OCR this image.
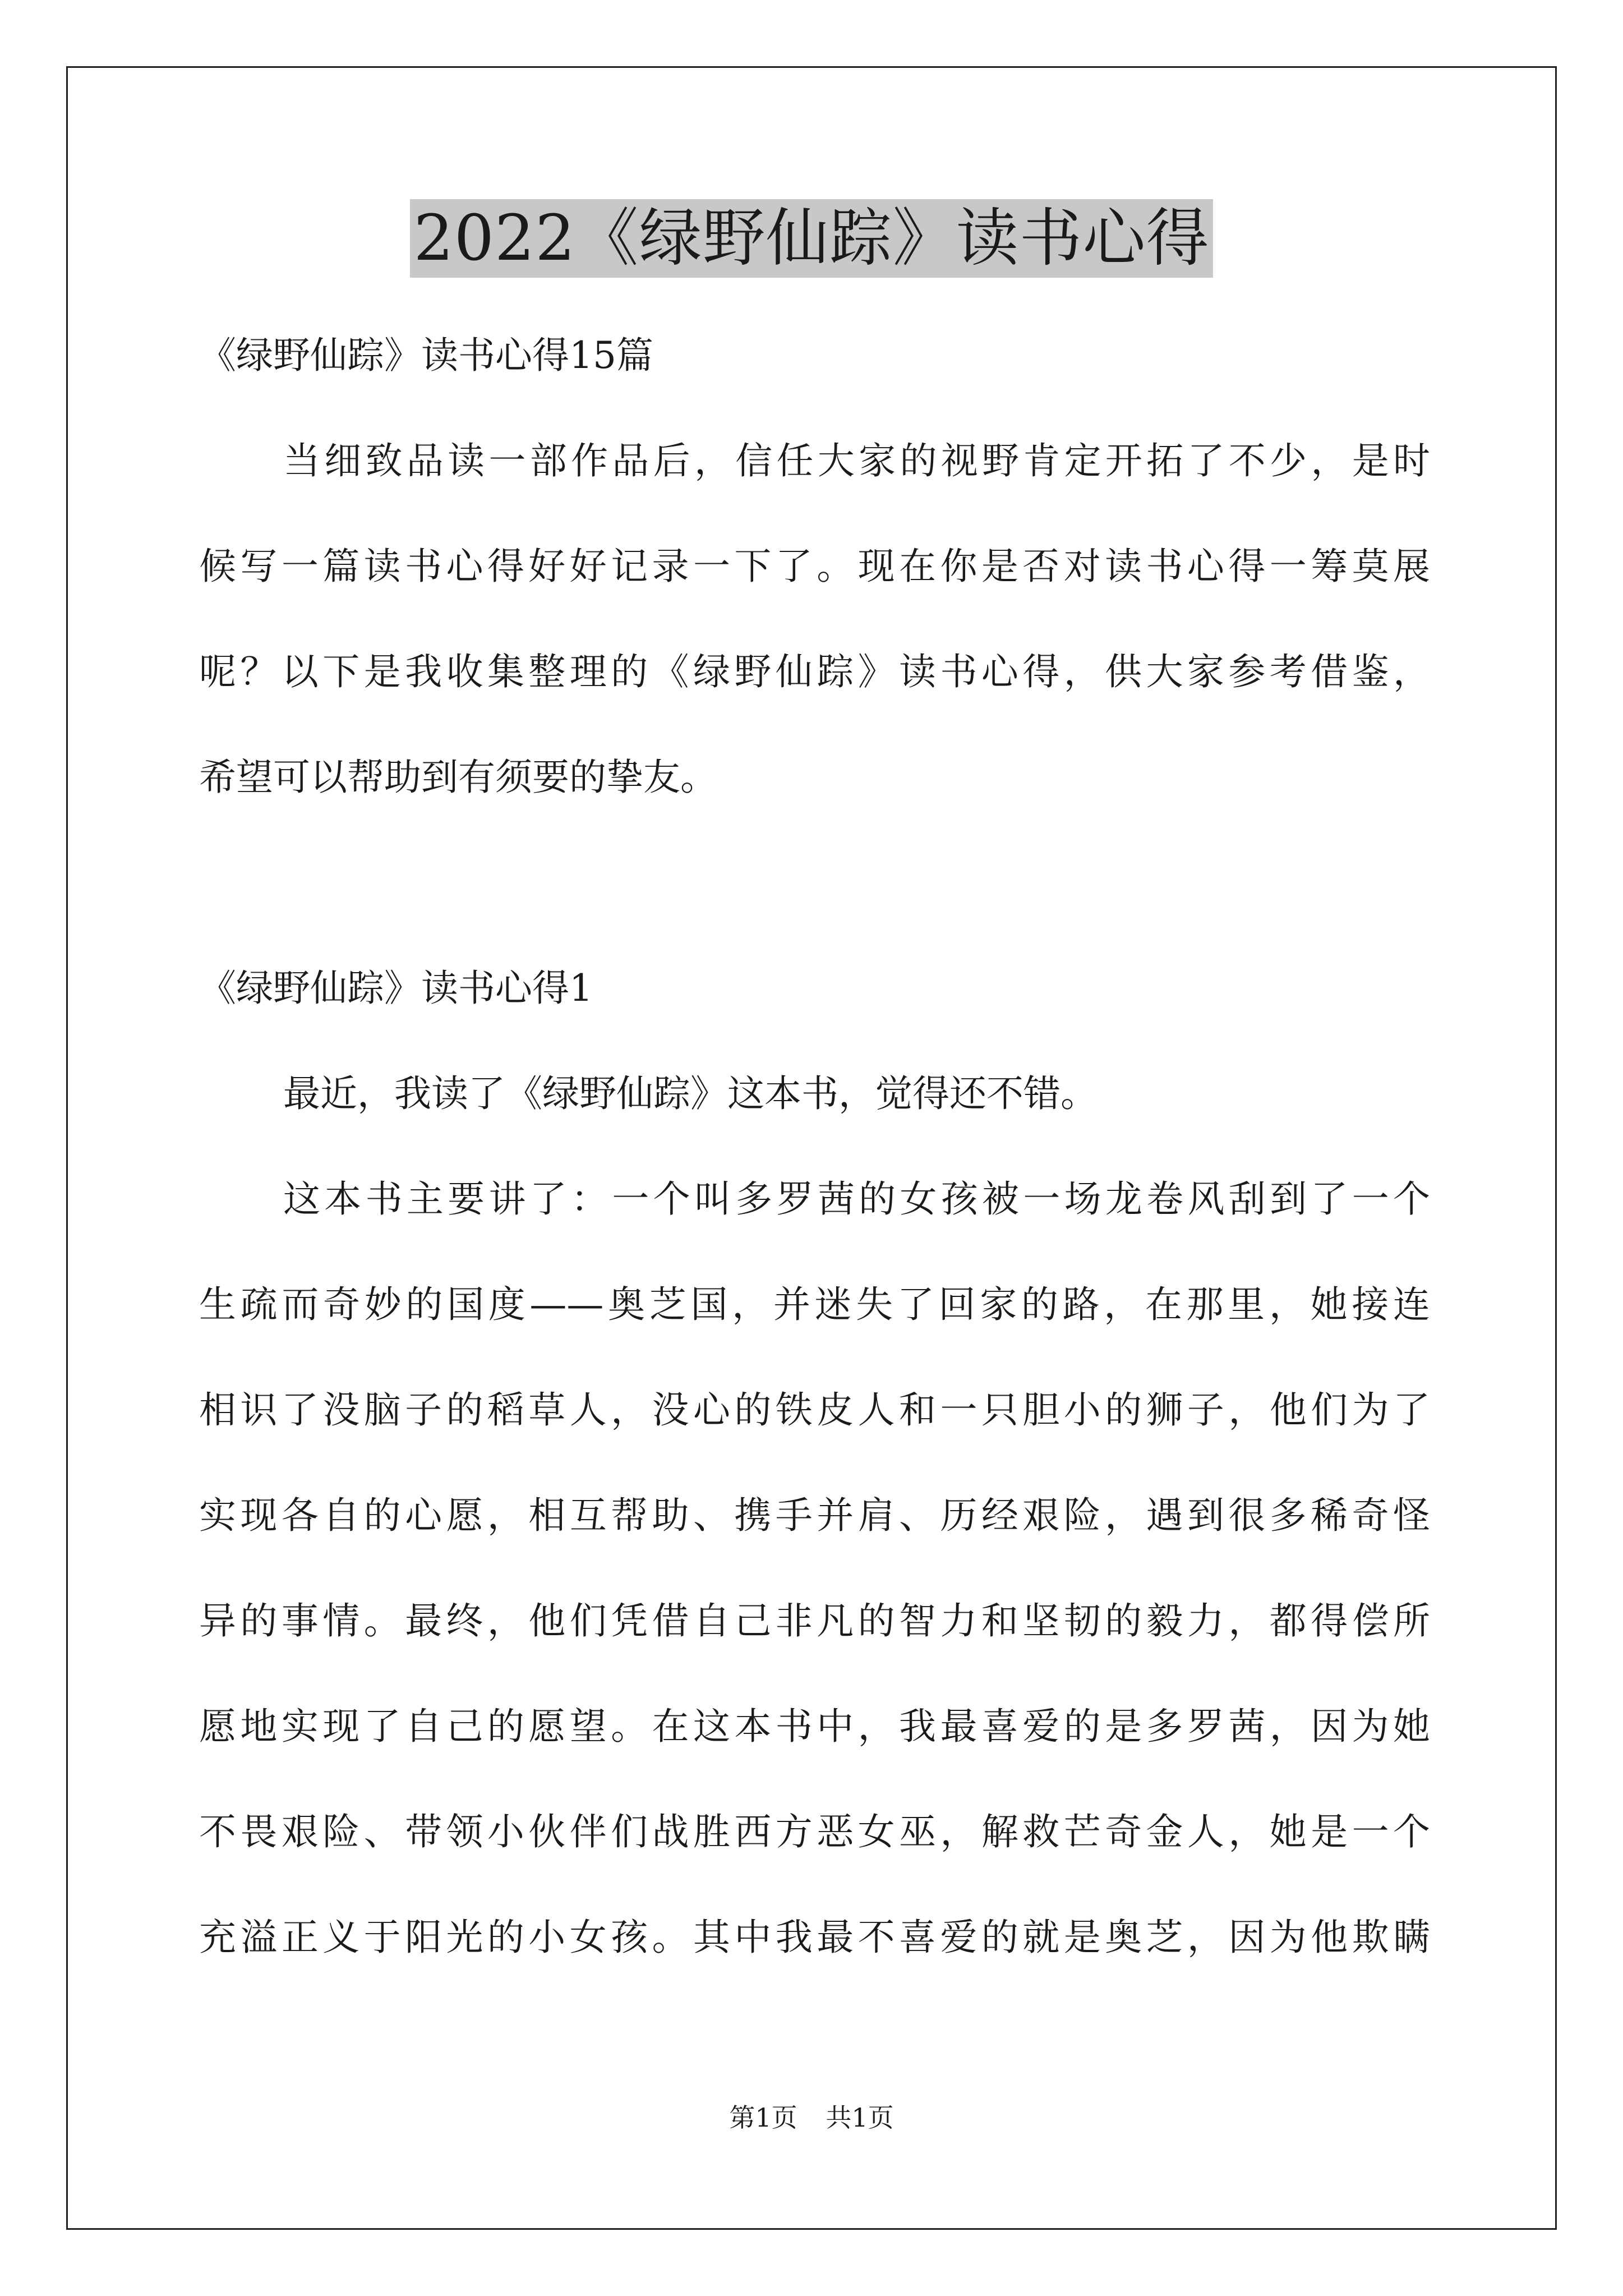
2022《绿野仙踪》读书心得
《绿野仙踪》读书心得15篇
当细致品读一部作品后，信任大家的视野肯定开拓了不少，是时
候写一篇读书心得好好记录一下了。现在你是否对读书心得一筹莫展
呢？以下是我收集整理的《绿野仙踪》读书心得，供大家参考借鉴，
希望可以帮助到有须要的挚友。
《绿野仙踪》读书心得1
最近，我读了《绿野仙踪》这本书，觉得还不错。
这本书主要讲了：一个叫多罗茜的女孩被一场龙卷风刮到了一个
生疏而奇妙的国度——奥芝国，并迷失了回家的路，在那里，她接连
相识了没脑子的稻草人，没心的铁皮人和一只胆小的狮子，他们为了
实现各自的心愿，相互帮助、携手并肩、历经艰险，遇到很多稀奇怪
异的事情。最终，他们凭借自己非凡的智力和坚韧的毅力，都得偿所
愿地实现了自己的愿望。在这本书中，我最喜爱的是多罗茜，因为她
不畏艰险、带领小伙伴们战胜西方恶女巫，解救芒奇金人，她是一个
充溢正义于阳光的小女孩。其中我最不喜爱的就是奥芝，因为他欺瞒
第1页 共1页
